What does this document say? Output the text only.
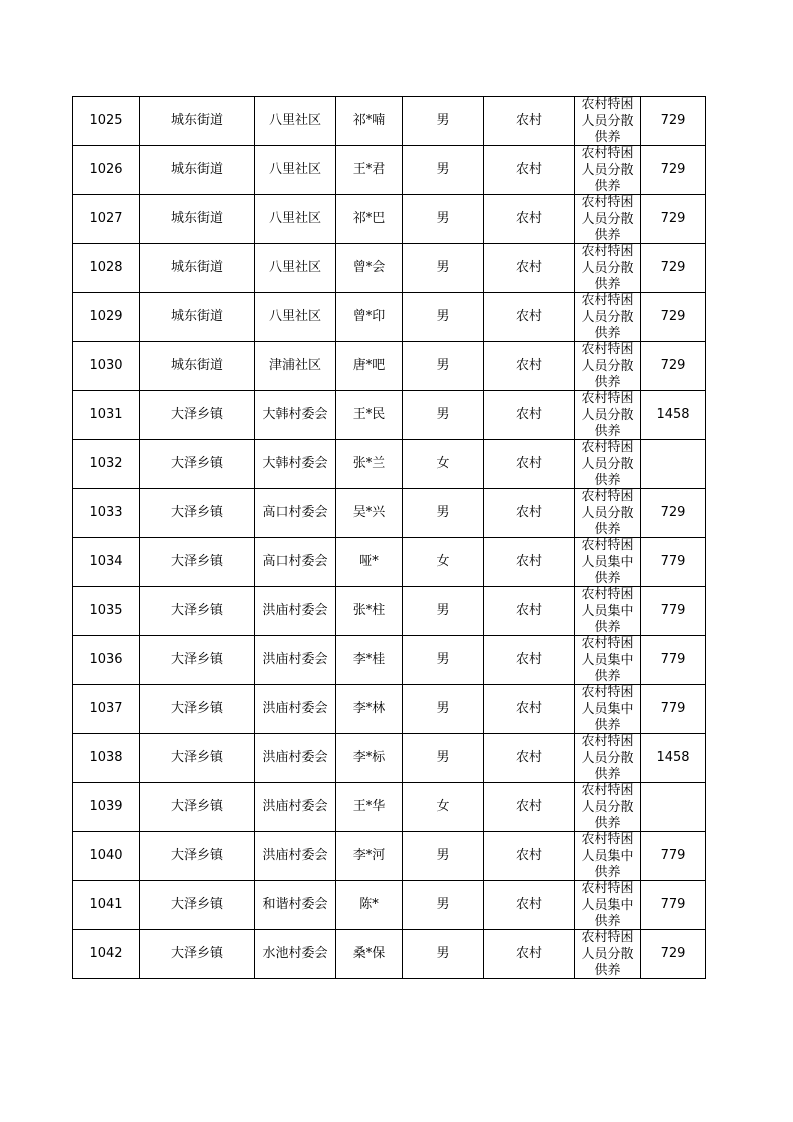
1025	城东街道	八里社区	祁*喃	男	农村	农村特困人员分散供养	729
1026	城东街道	八里社区	王*君	男	农村	农村特困人员分散供养	729
1027	城东街道	八里社区	祁*巴	男	农村	农村特困人员分散供养	729
1028	城东街道	八里社区	曾*会	男	农村	农村特困人员分散供养	729
1029	城东街道	八里社区	曾*印	男	农村	农村特困人员分散供养	729
1030	城东街道	津浦社区	唐*吧	男	农村	农村特困人员分散供养	729
1031	大泽乡镇	大韩村委会	王*民	男	农村	农村特困人员分散供养	1458
1032	大泽乡镇	大韩村委会	张*兰	女	农村	农村特困人员分散供养	

1033	大泽乡镇	高口村委会	吴*兴	男	农村	农村特困人员分散供养	729
1034	大泽乡镇	高口村委会	哑*	女	农村	农村特困人员集中供养	779
1035	大泽乡镇	洪庙村委会	张*柱	男	农村	农村特困人员集中供养	779
1036	大泽乡镇	洪庙村委会	李*桂	男	农村	农村特困人员集中供养	779
1037	大泽乡镇	洪庙村委会	李*林	男	农村	农村特困人员集中供养	779
1038	大泽乡镇	洪庙村委会	李*标	男	农村	农村特困人员分散供养	1458
1039	大泽乡镇	洪庙村委会	王*华	女	农村	农村特困人员分散供养	

1040	大泽乡镇	洪庙村委会	李*河	男	农村	农村特困人员集中供养	779
1041	大泽乡镇	和谐村委会	陈*	男	农村	农村特困人员集中供养	779
1042	大泽乡镇	水池村委会	桑*保	男	农村	农村特困人员分散供养	729
